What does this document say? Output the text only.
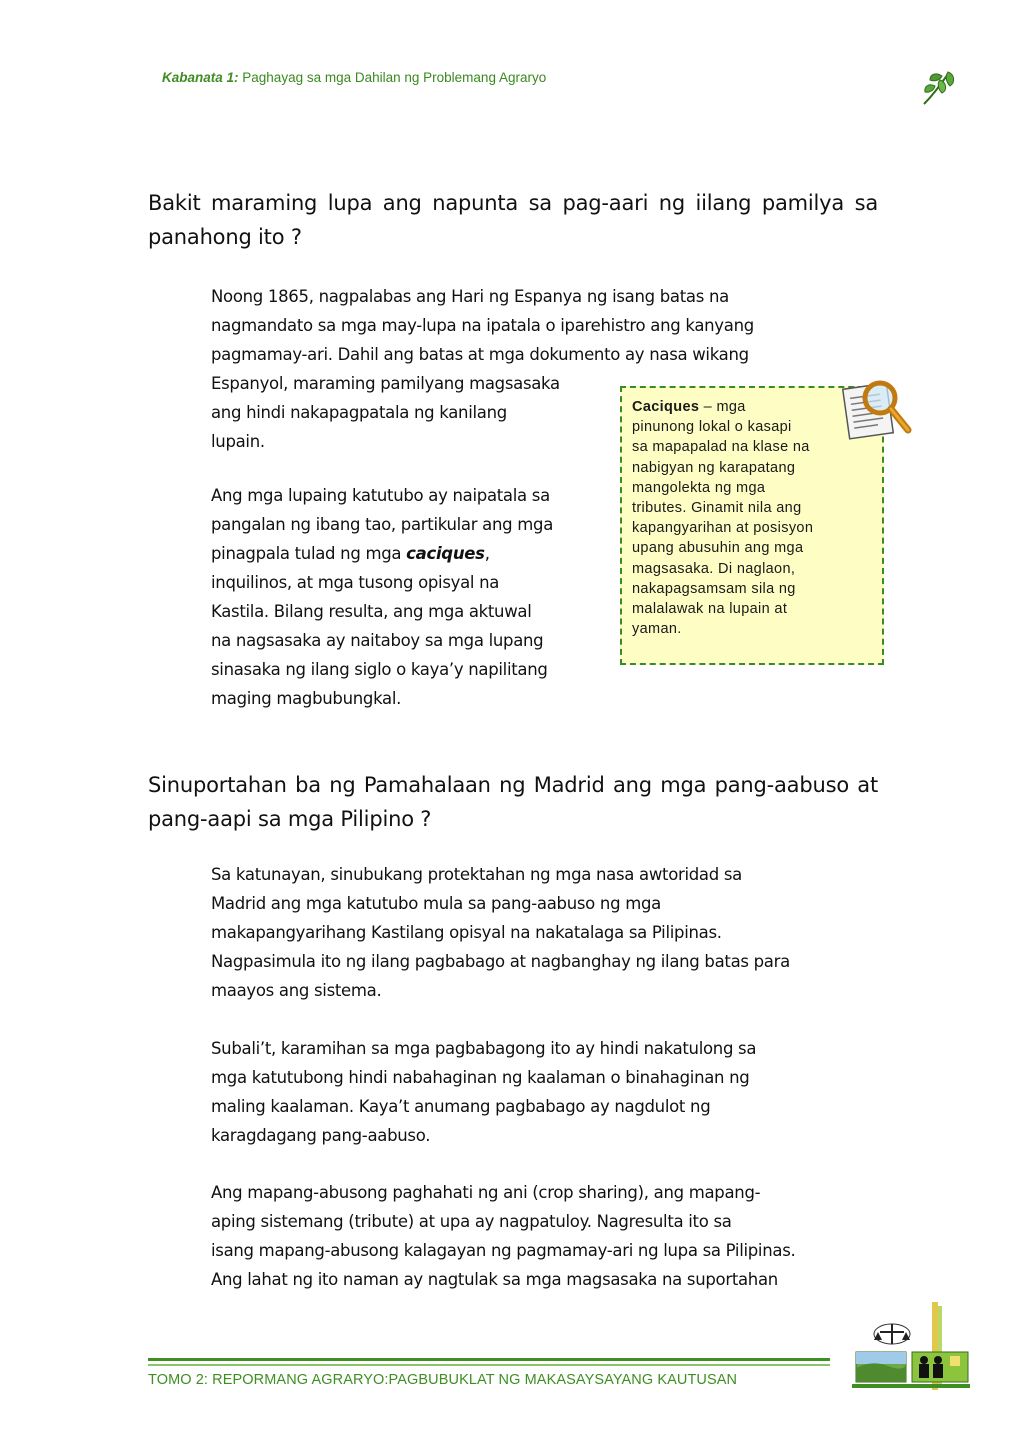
Kabanata 1: Paghayag sa mga Dahilan ng Problemang Agraryo
Bakit maraming lupa ang napunta sa pag-aari ng iilang pamilya sa panahong ito ?
Noong 1865, nagpalabas ang Hari ng Espanya ng isang batas na
nagmandato sa mga may-lupa na ipatala o iparehistro ang kanyang
pagmamay-ari. Dahil ang batas at mga dokumento ay nasa wikang
Espanyol, maraming pamilyang magsasaka
ang hindi nakapagpatala ng kanilang
lupain.
Ang mga lupaing katutubo ay naipatala sa
pangalan ng ibang tao, partikular ang mga
pinagpala tulad ng mga caciques,
inquilinos, at mga tusong opisyal na
Kastila. Bilang resulta, ang mga aktuwal
na nagsasaka ay naitaboy sa mga lupang
sinasaka ng ilang siglo o kaya’y napilitang
maging magbubungkal.
Caciques – mga
pinunong lokal o kasapi
sa mapapalad na klase na
nabigyan ng karapatang
mangolekta ng mga
tributes. Ginamit nila ang
kapangyarihan at posisyon
upang abusuhin ang mga
magsasaka. Di naglaon,
nakapagsamsam sila ng
malalawak na lupain at
yaman.
Sinuportahan ba ng Pamahalaan ng Madrid ang mga pang-aabuso at pang-aapi sa mga Pilipino ?
Sa katunayan, sinubukang protektahan ng mga nasa awtoridad sa
Madrid ang mga katutubo mula sa pang-aabuso ng mga
makapangyarihang Kastilang opisyal na nakatalaga sa Pilipinas.
Nagpasimula ito ng ilang pagbabago at nagbanghay ng ilang batas para
maayos ang sistema.
Subali’t, karamihan sa mga pagbabagong ito ay hindi nakatulong sa
mga katutubong hindi nabahaginan ng kaalaman o binahaginan ng
maling kaalaman. Kaya’t anumang pagbabago ay nagdulot ng
karagdagang pang-aabuso.
Ang mapang-abusong paghahati ng ani (crop sharing), ang mapang-
aping sistemang (tribute) at upa ay nagpatuloy. Nagresulta ito sa
isang mapang-abusong kalagayan ng pagmamay-ari ng lupa sa Pilipinas.
Ang lahat ng ito naman ay nagtulak sa mga magsasaka na suportahan
TOMO 2: REPORMANG AGRARYO:PAGBUBUKLAT NG MAKASAYSAYANG KAUTUSAN
